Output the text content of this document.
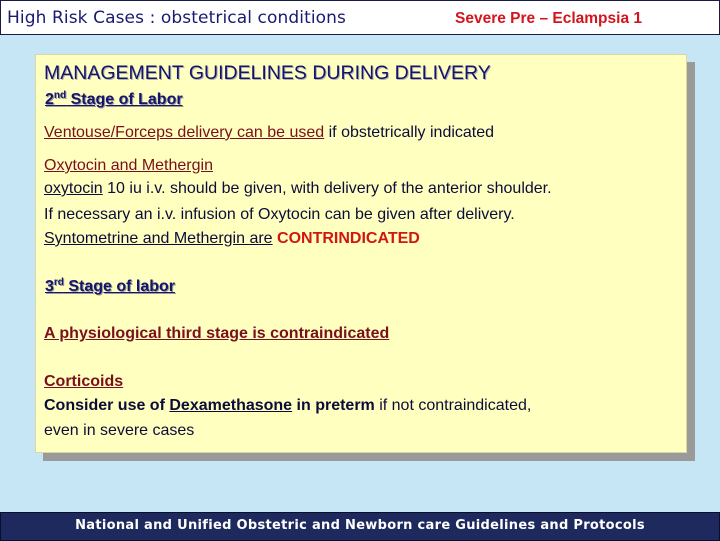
High Risk Cases : obstetrical conditions	Severe Pre – Eclampsia 1
MANAGEMENT GUIDELINES DURING DELIVERY
2nd Stage of Labor
Ventouse/Forceps delivery can be used if obstetrically indicated
Oxytocin and Methergin
oxytocin 10 iu i.v. should be given, with delivery of the anterior shoulder.
If necessary an i.v. infusion of Oxytocin can be given after delivery.
Syntometrine and Methergin are CONTRINDICATED
3rd Stage of labor
A physiological third stage is contraindicated
Corticoids
Consider use of Dexamethasone in preterm if not contraindicated,
even in severe cases
National and Unified Obstetric and Newborn care Guidelines and Protocols
